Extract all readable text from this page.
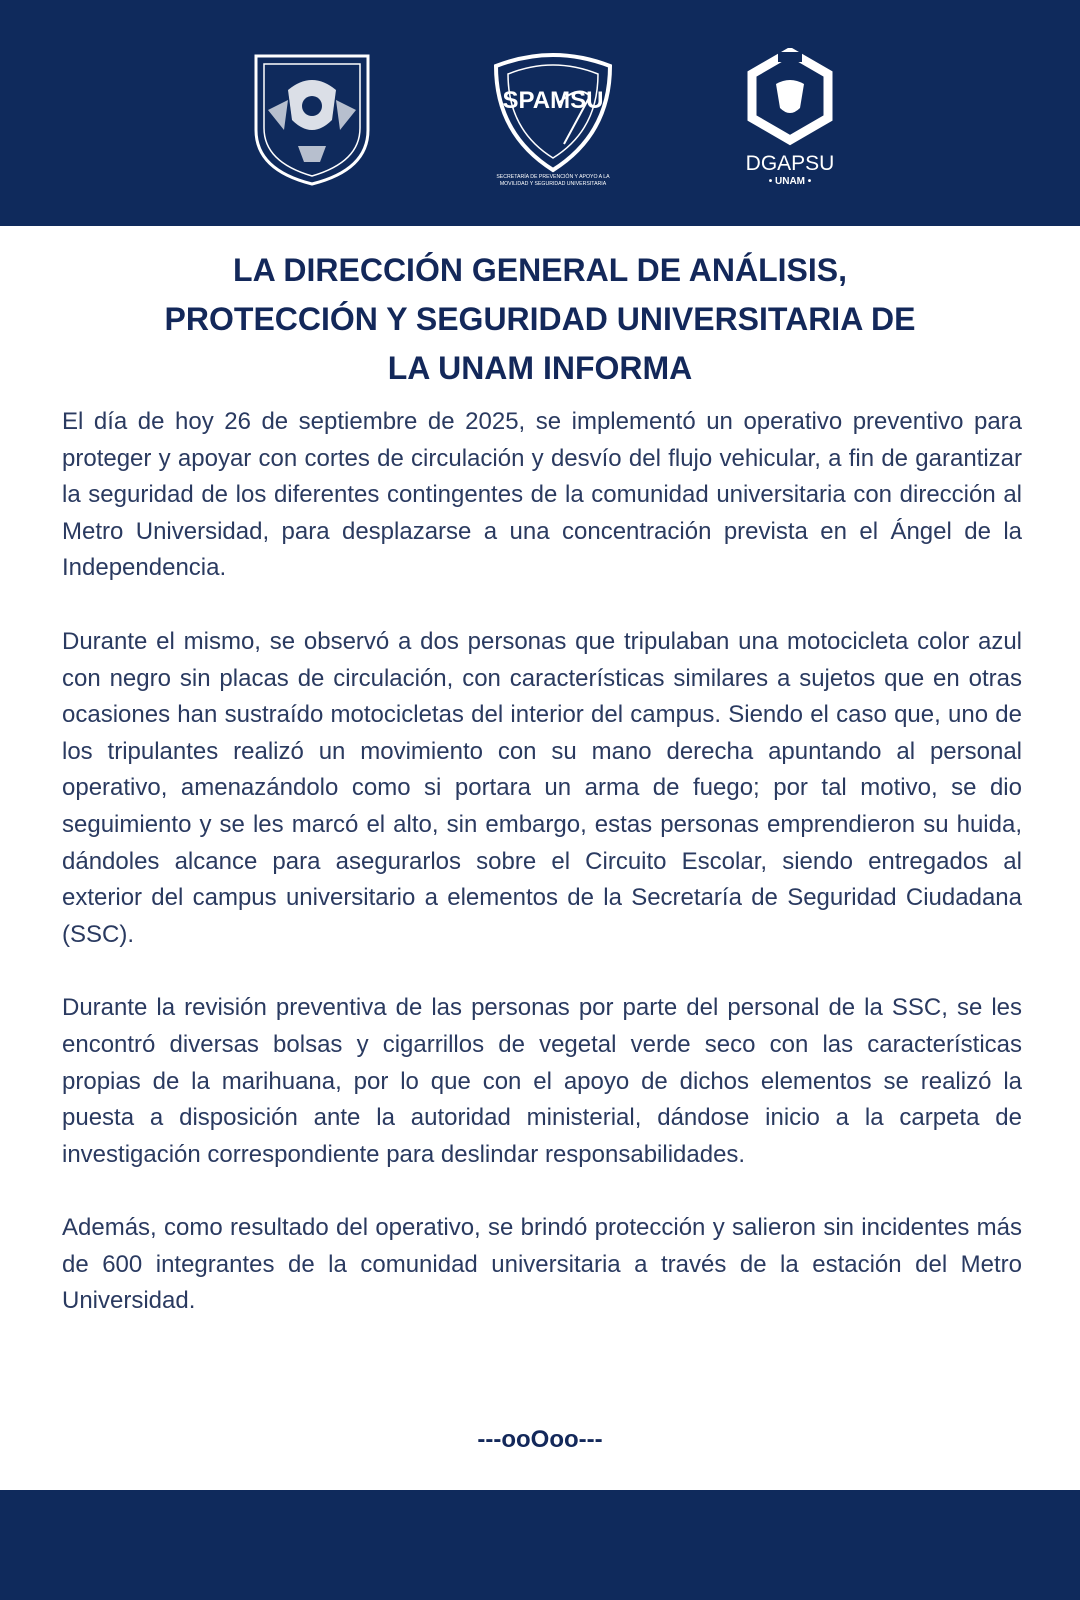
SPAMSU
SECRETARÍA DE PREVENCIÓN Y APOYO A LA
MOVILIDAD Y SEGURIDAD UNIVERSITARIA
DGAPSU
• UNAM •
LA DIRECCIÓN GENERAL DE ANÁLISIS,
PROTECCIÓN Y SEGURIDAD UNIVERSITARIA DE
LA UNAM INFORMA

El día de hoy 26 de septiembre de 2025, se implementó un operativo preventivo para proteger y apoyar con cortes de circulación y desvío del flujo vehicular, a fin de garantizar la seguridad de los diferentes contingentes de la comunidad universitaria con dirección al Metro Universidad, para desplazarse a una concentración prevista en el Ángel de la Independencia.

Durante el mismo, se observó a dos personas que tripulaban una motocicleta color azul con negro sin placas de circulación, con características similares a sujetos que en otras ocasiones han sustraído motocicletas del interior del campus. Siendo el caso que, uno de los tripulantes realizó un movimiento con su mano derecha apuntando al personal operativo, amenazándolo como si portara un arma de fuego; por tal motivo, se dio seguimiento y se les marcó el alto, sin embargo, estas personas emprendieron su huida, dándoles alcance para asegurarlos sobre el Circuito Escolar, siendo entregados al exterior del campus universitario a elementos de la Secretaría de Seguridad Ciudadana (SSC).

Durante la revisión preventiva de las personas por parte del personal de la SSC, se les encontró diversas bolsas y cigarrillos de vegetal verde seco con las características propias de la marihuana, por lo que con el apoyo de dichos elementos se realizó la puesta a disposición ante la autoridad ministerial, dándose inicio a la carpeta de investigación correspondiente para deslindar responsabilidades.

Además, como resultado del operativo, se brindó protección y salieron sin incidentes más de 600 integrantes de la comunidad universitaria a través de la estación del Metro Universidad.

---ooOoo---
